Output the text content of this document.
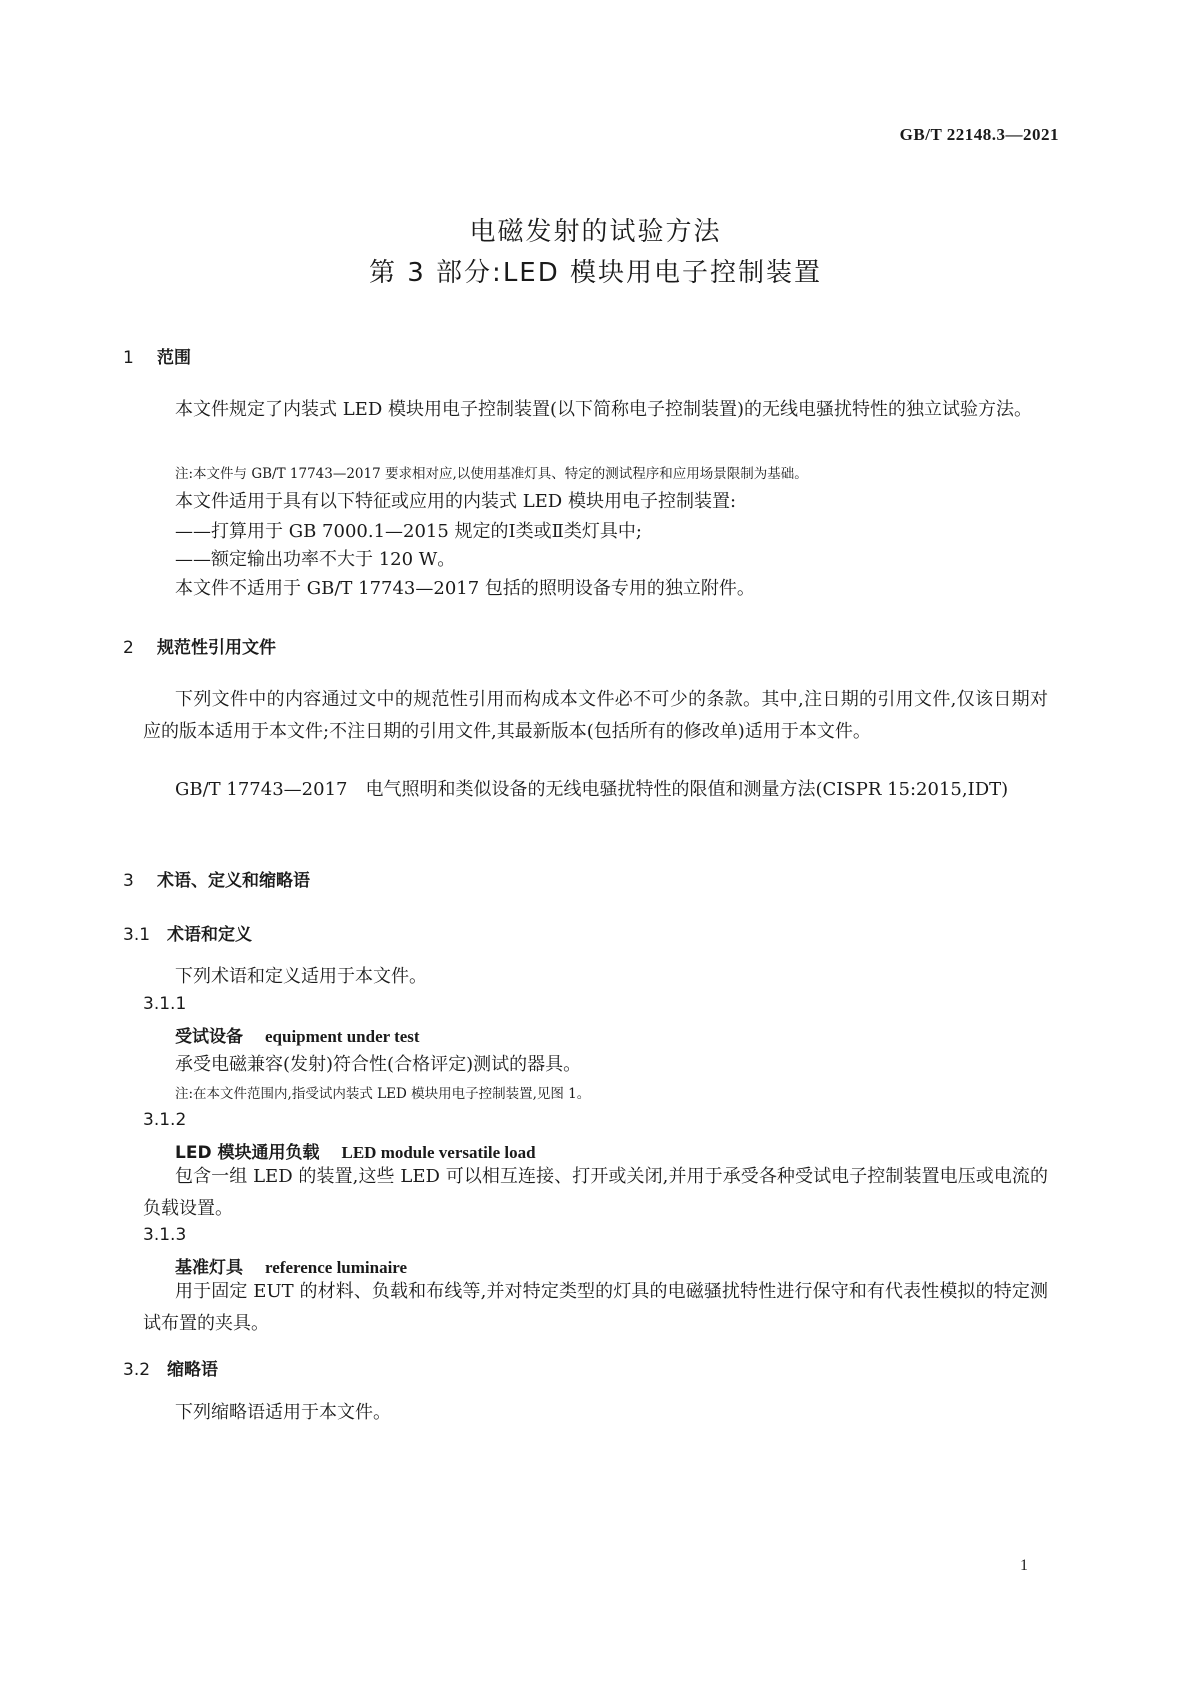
GB/T 22148.3—2021
电磁发射的试验方法
第 3 部分:LED 模块用电子控制装置
1 范围
本文件规定了内装式 LED 模块用电子控制装置(以下简称电子控制装置)的无线电骚扰特性的独立试验方法。
注:本文件与 GB/T 17743—2017 要求相对应,以使用基准灯具、特定的测试程序和应用场景限制为基础。
本文件适用于具有以下特征或应用的内装式 LED 模块用电子控制装置:
——打算用于 GB 7000.1—2015 规定的Ⅰ类或Ⅱ类灯具中;
——额定输出功率不大于 120 W。
本文件不适用于 GB/T 17743—2017 包括的照明设备专用的独立附件。
2 规范性引用文件
下列文件中的内容通过文中的规范性引用而构成本文件必不可少的条款。其中,注日期的引用文件,仅该日期对应的版本适用于本文件;不注日期的引用文件,其最新版本(包括所有的修改单)适用于本文件。
GB/T 17743—2017　电气照明和类似设备的无线电骚扰特性的限值和测量方法(CISPR 15:2015,IDT)
3 术语、定义和缩略语
3.1 术语和定义
下列术语和定义适用于本文件。
3.1.1
受试设备 equipment under test
承受电磁兼容(发射)符合性(合格评定)测试的器具。
注:在本文件范围内,指受试内装式 LED 模块用电子控制装置,见图 1。
3.1.2
LED 模块通用负载 LED module versatile load
包含一组 LED 的装置,这些 LED 可以相互连接、打开或关闭,并用于承受各种受试电子控制装置电压或电流的负载设置。
3.1.3
基准灯具 reference luminaire
用于固定 EUT 的材料、负载和布线等,并对特定类型的灯具的电磁骚扰特性进行保守和有代表性模拟的特定测试布置的夹具。
3.2 缩略语
下列缩略语适用于本文件。
1
